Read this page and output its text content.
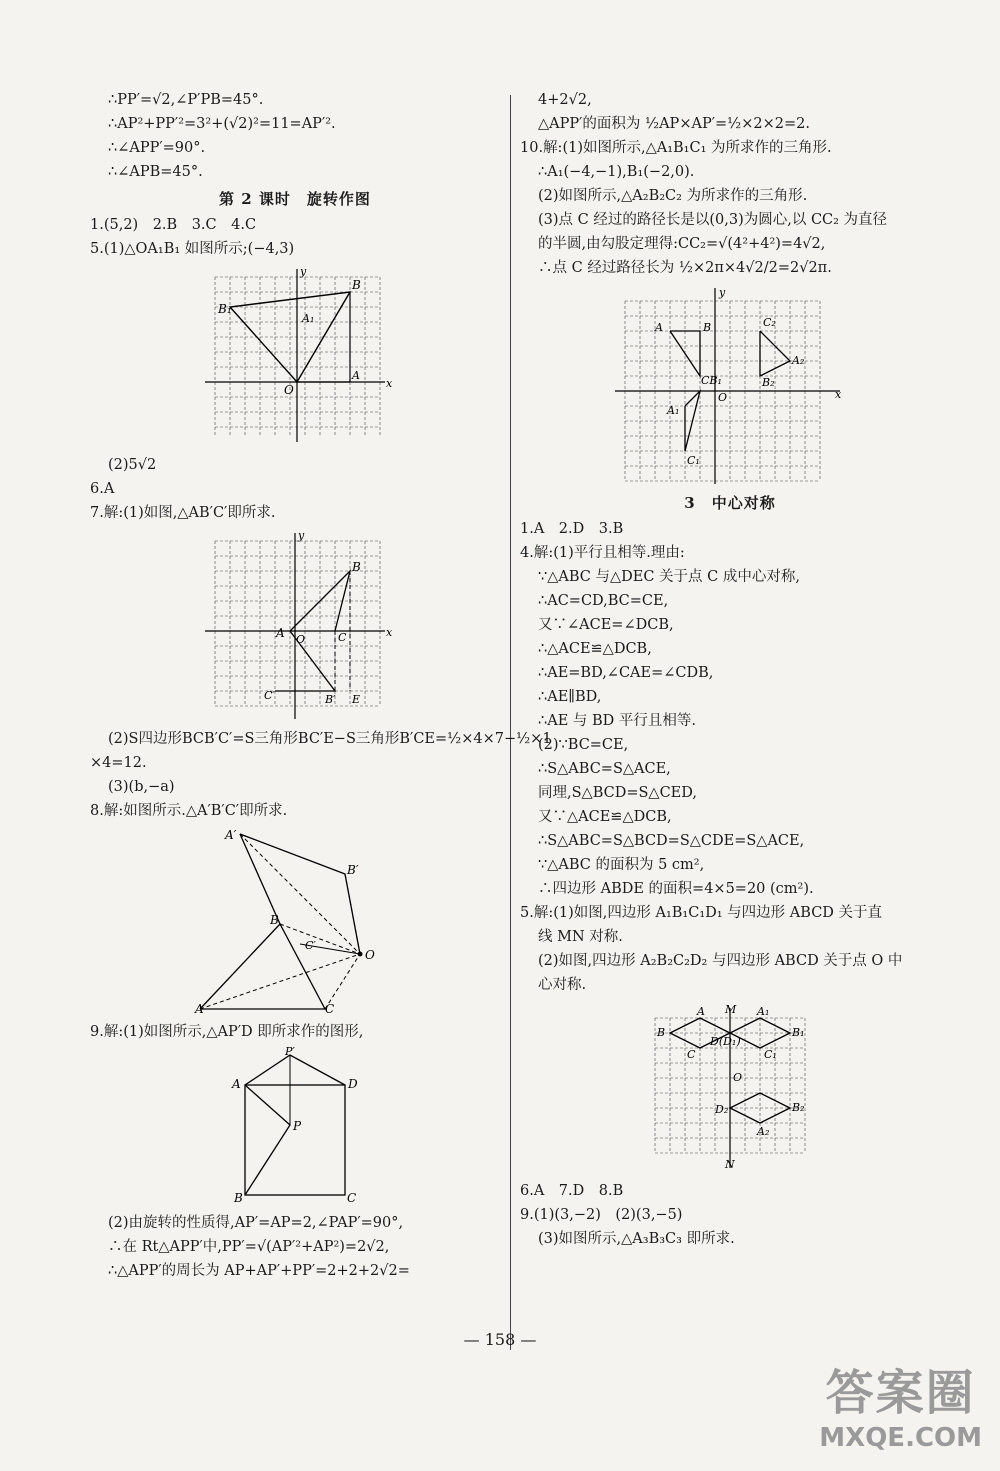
∴PP′=√2,∠P′PB=45°.
∴AP²+PP′²=3²+(√2)²=11=AP′².
∴∠APP′=90°.
∴∠APB=45°.
第 2 课时　旋转作图
1.(5,2)　2.B　3.C　4.C
5.(1)△OA₁B₁ 如图所示;(−4,3)
B
B₁
O
A₁
A
x
y
(2)5√2
6.A
7.解:(1)如图,△AB′C′即所求.
B
A O	C
C′	B′ E
x
y
(2)S四边形BCB′C′=S三角形BC′E−S三角形B′CE=½×4×7−½×1
×4=12.
(3)(b,−a)
8.解:如图所示.△A′B′C′即所求.
A′
B′
B
C′
O
A	C
9.解:(1)如图所示,△AP′D 即所求作的图形,
A	D
P′
P
B	C
(2)由旋转的性质得,AP′=AP=2,∠PAP′=90°,
∴在 Rt△APP′中,PP′=√(AP′²+AP²)=2√2,
∴△APP′的周长为 AP+AP′+PP′=2+2+2√2=
4+2√2,
△APP′的面积为 ½AP×AP′=½×2×2=2.
10.解:(1)如图所示,△A₁B₁C₁ 为所求作的三角形.
∴A₁(−4,−1),B₁(−2,0).
(2)如图所示,△A₂B₂C₂ 为所求作的三角形.
(3)点 C 经过的路径长是以(0,3)为圆心,以 CC₂ 为直径
的半圆,由勾股定理得:CC₂=√(4²+4²)=4√2,
∴点 C 经过路径长为 ½×2π×4√2/2=2√2π.
A	B
CB₁
O
C₂
A₂
B₂
A₁
C₁
x
y
3　中心对称
1.A　2.D　3.B
4.解:(1)平行且相等.理由:
∵△ABC 与△DEC 关于点 C 成中心对称,
∴AC=CD,BC=CE,
又∵∠ACE=∠DCB,
∴△ACE≌△DCB,
∴AE=BD,∠CAE=∠CDB,
∴AE∥BD,
∴AE 与 BD 平行且相等.
(2)∵BC=CE,
∴S△ABC=S△ACE,
同理,S△BCD=S△CED,
又∵△ACE≌△DCB,
∴S△ABC=S△BCD=S△CDE=S△ACE,
∵△ABC 的面积为 5 cm²,
∴四边形 ABDE 的面积=4×5=20 (cm²).
5.解:(1)如图,四边形 A₁B₁C₁D₁ 与四边形 ABCD 关于直
线 MN 对称.
(2)如图,四边形 A₂B₂C₂D₂ 与四边形 ABCD 关于点 O 中
心对称.
A M A₁
B	B₁
D(D₁)
C	C₁
O
D₂	B₂
A₂
N
6.A　7.D　8.B
9.(1)(3,−2)　(2)(3,−5)
(3)如图所示,△A₃B₃C₃ 即所求.
— 158 —
答案圈
MXQE.COM
